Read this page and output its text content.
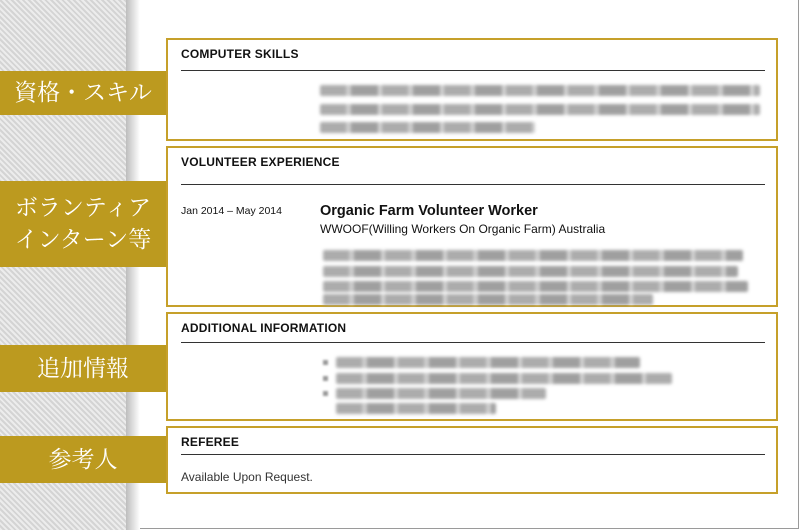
資格・スキル
ボランティア
インターン等
追加情報
参考人
COMPUTER SKILLS
VOLUNTEER EXPERIENCE
Jan 2014 – May 2014	Organic Farm Volunteer Worker
WWOOF(Willing Workers On Organic Farm) Australia
ADDITIONAL INFORMATION
REFEREE
Available Upon Request.
